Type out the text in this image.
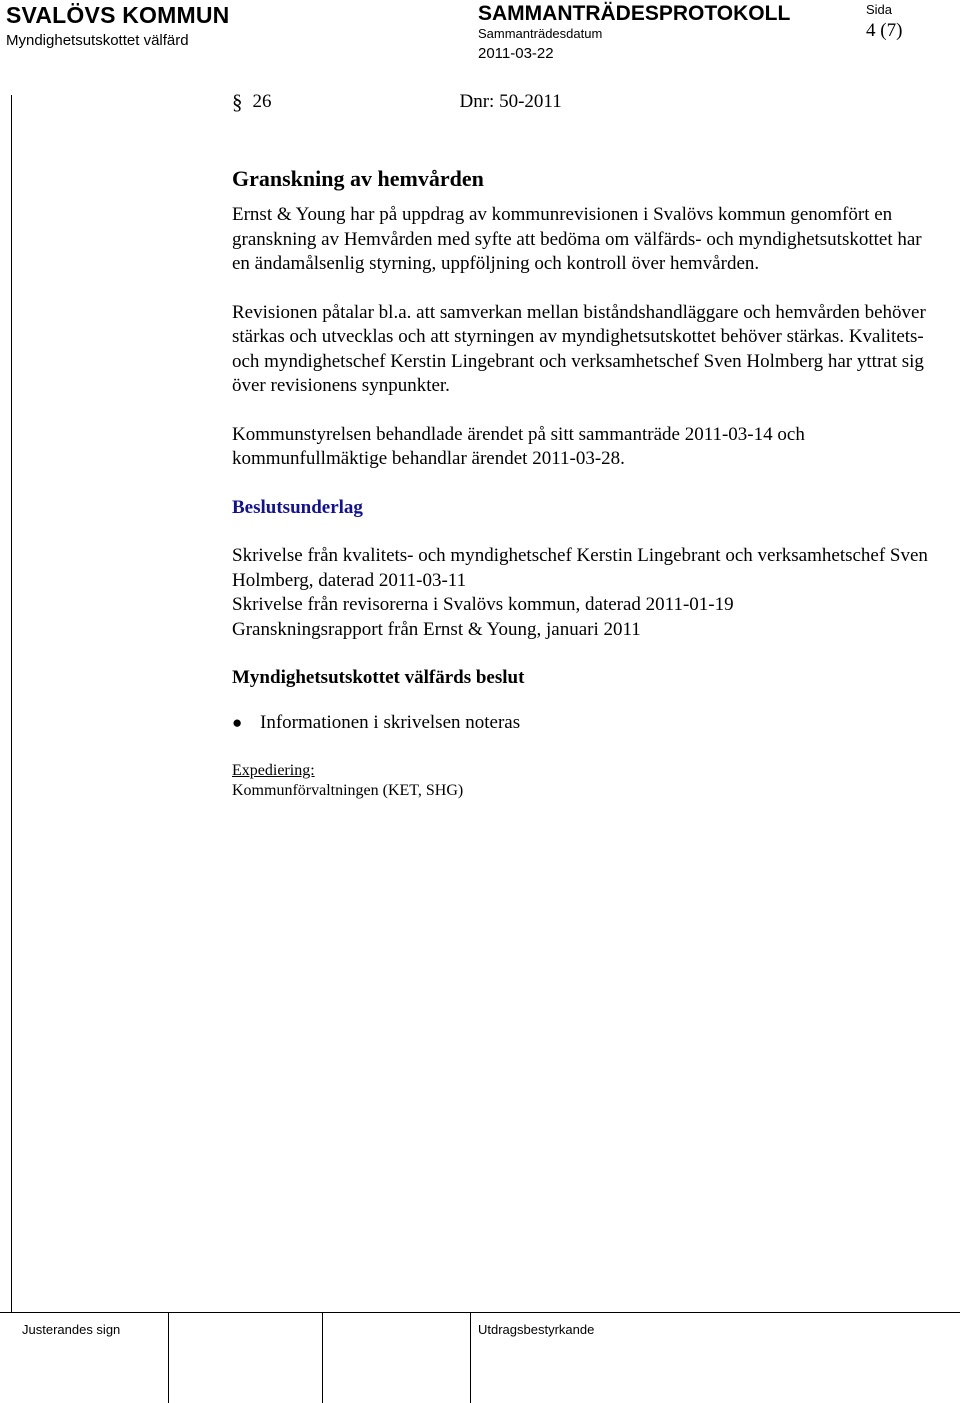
SVALÖVS KOMMUN
Myndighetsutskottet välfärd
SAMMANTRÄDESPROTOKOLL
Sammanträdesdatum
2011-03-22
Sida
4 (7)
§ 26	Dnr: 50-2011
Granskning av hemvården

Ernst & Young har på uppdrag av kommunrevisionen i Svalövs kommun genomfört en granskning av Hemvården med syfte att bedöma om välfärds- och myndighetsutskottet har en ändamålsenlig styrning, uppföljning och kontroll över hemvården.

Revisionen påtalar bl.a. att samverkan mellan biståndshandläggare och hemvården behöver stärkas och utvecklas och att styrningen av myndighetsutskottet behöver stärkas. Kvalitets- och myndighetschef Kerstin Lingebrant och verksamhetschef Sven Holmberg har yttrat sig över revisionens synpunkter.

Kommunstyrelsen behandlade ärendet på sitt sammanträde 2011-03-14 och kommunfullmäktige behandlar ärendet 2011-03-28.

Beslutsunderlag

Skrivelse från kvalitets- och myndighetschef Kerstin Lingebrant och verksamhetschef Sven Holmberg, daterad 2011-03-11

Skrivelse från revisorerna i Svalövs kommun, daterad 2011-01-19

Granskningsrapport från Ernst & Young, januari 2011

Myndighetsutskottet välfärds beslut

● Informationen i skrivelsen noteras
Expediering:
Kommunförvaltningen (KET, SHG)
Justerandes sign	Utdragsbestyrkande
